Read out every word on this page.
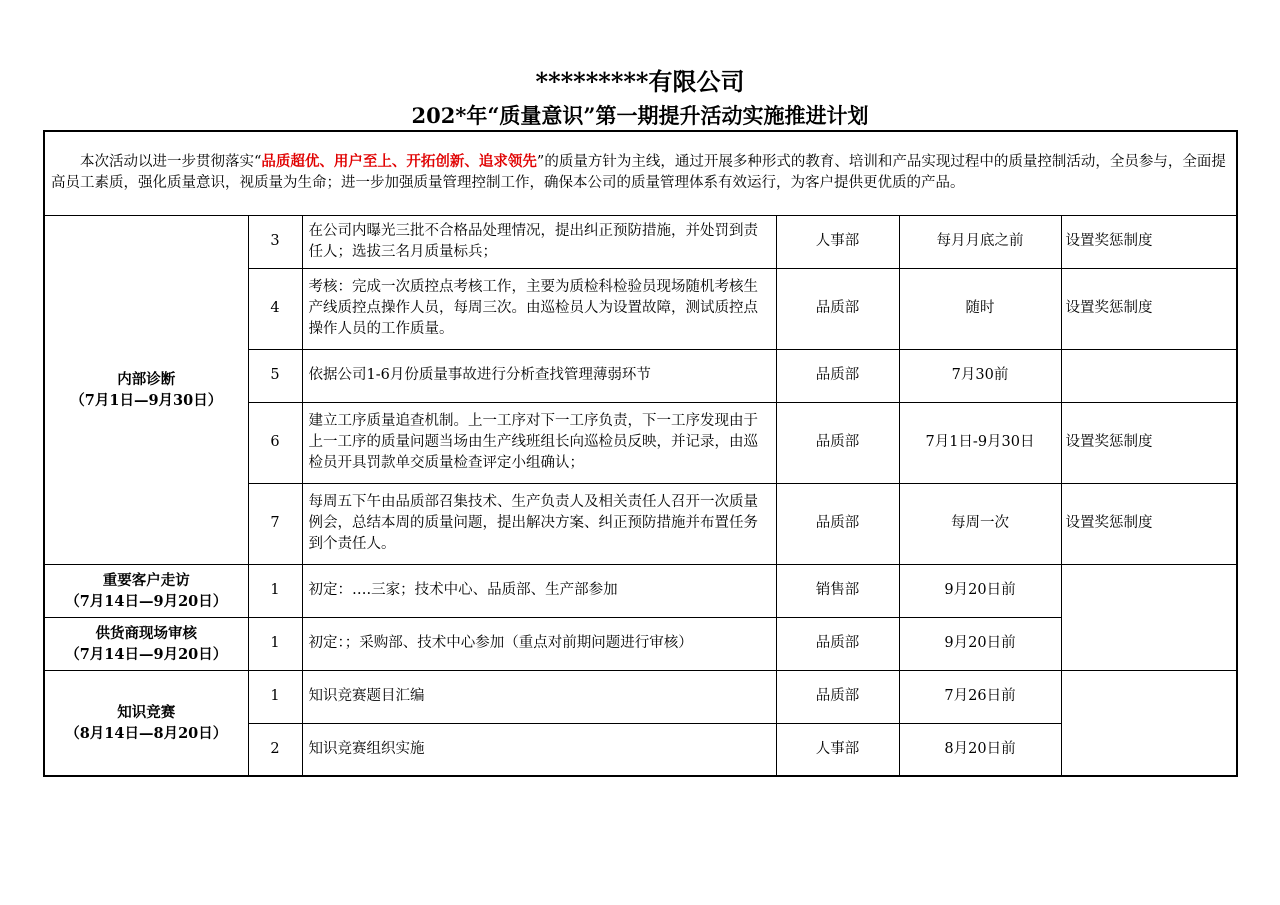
*********有限公司
202*年“质量意识”第一期提升活动实施推进计划
  本次活动以进一步贯彻落实“品质超优、用户至上、开拓创新、追求领先”的质量方针为主线，通过开展多种形式的教育、培训和产品实现过程中的质量控制活动，全员参与，全面提高员工素质，强化质量意识，视质量为生命；进一步加强质量管理控制工作，确保本公司的质量管理体系有效运行，为客户提供更优质的产品。					

内部诊断
（7月1日—9月30日）	3	在公司内曝光三批不合格品处理情况，提出纠正预防措施，并处罚到责任人；选拔三名月质量标兵；	人事部	每月月底之前	设置奖惩制度
	4	考核：完成一次质控点考核工作，主要为质检科检验员现场随机考核生产线质控点操作人员，每周三次。由巡检员人为设置故障，测试质控点操作人员的工作质量。	品质部	随时	设置奖惩制度
	5	依据公司1-6月份质量事故进行分析查找管理薄弱环节	品质部	7月30前	
	6	建立工序质量追查机制。上一工序对下一工序负责，下一工序发现由于上一工序的质量问题当场由生产线班组长向巡检员反映，并记录，由巡检员开具罚款单交质量检查评定小组确认；	品质部	7月1日-9月30日	设置奖惩制度
	7	每周五下午由品质部召集技术、生产负责人及相关责任人召开一次质量例会，总结本周的质量问题，提出解决方案、纠正预防措施并布置任务到个责任人。	品质部	每周一次	设置奖惩制度

重要客户走访
（7月14日—9月20日）	1	初定：….三家；技术中心、品质部、生产部参加	销售部	9月20日前	

供货商现场审核
（7月14日—9月20日）	1	初定：；采购部、技术中心参加（重点对前期问题进行审核）	品质部	9月20日前	

知识竞赛
（8月14日—8月20日）	1	知识竞赛题目汇编	品质部	7月26日前	
	2	知识竞赛组织实施	人事部	8月20日前	
